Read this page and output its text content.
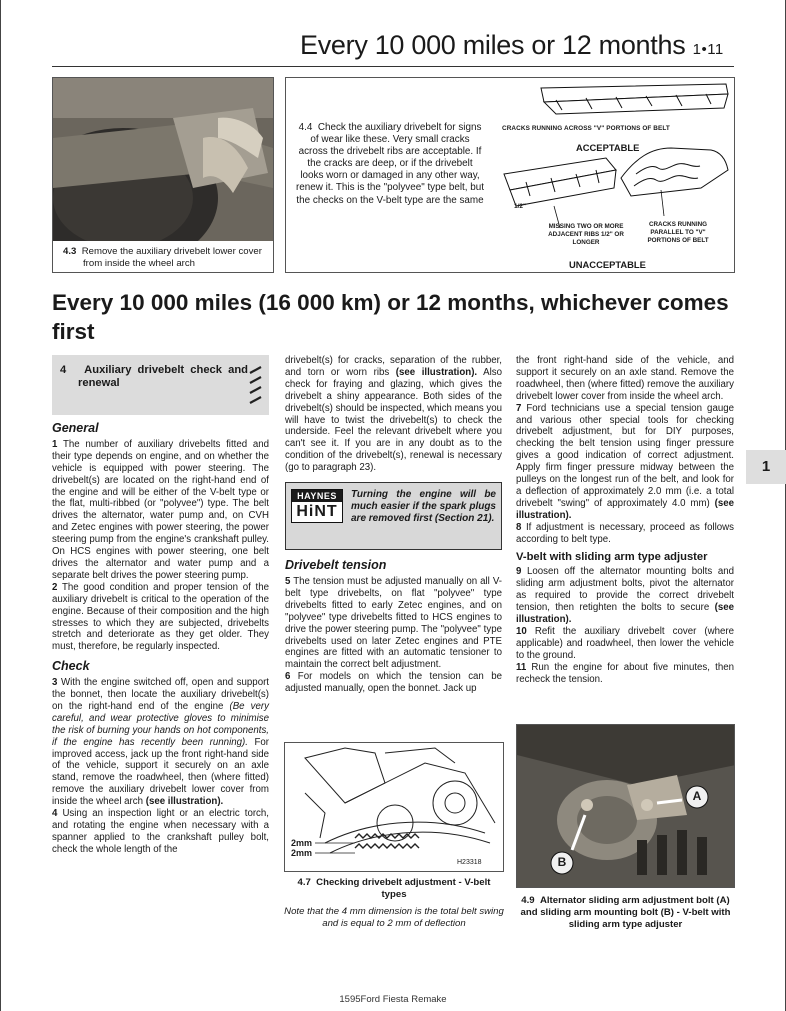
Every 10 000 miles or 12 months 1•11
4.3 Remove the auxiliary drivebelt lower cover from inside the wheel arch
4.4 Check the auxiliary drivebelt for signs of wear like these. Very small cracks across the drivebelt ribs are acceptable. If the cracks are deep, or if the drivebelt looks worn or damaged in any other way, renew it. This is the "polyvee" type belt, but the checks on the V-belt type are the same
CRACKS RUNNING ACROSS "V" PORTIONS OF BELT
ACCEPTABLE
1/2"
MISSING TWO OR MORE ADJACENT RIBS 1/2" OR LONGER
CRACKS RUNNING PARALLEL TO "V" PORTIONS OF BELT
UNACCEPTABLE
Every 10 000 miles (16 000 km) or 12 months, whichever comes first
1
4 Auxiliary drivebelt check and renewal
General

1 The number of auxiliary drivebelts fitted and their type depends on engine, and on whether the vehicle is equipped with power steering. The drivebelt(s) are located on the right-hand end of the engine and will be either of the V-belt type or the flat, multi-ribbed (or "polyvee") type. The belt drives the alternator, water pump and, on CVH and Zetec engines with power steering, the power steering pump from the engine's crankshaft pulley. On HCS engines with power steering, one belt drives the alternator and water pump and a separate belt drives the power steering pump.

2 The good condition and proper tension of the auxiliary drivebelt is critical to the operation of the engine. Because of their composition and the high stresses to which they are subjected, drivebelts stretch and deteriorate as they get older. They must, therefore, be regularly inspected.

Check

3 With the engine switched off, open and support the bonnet, then locate the auxiliary drivebelt(s) on the right-hand end of the engine (Be very careful, and wear protective gloves to minimise the risk of burning your hands on hot components, if the engine has recently been running). For improved access, jack up the front right-hand side of the vehicle, support it securely on an axle stand, remove the roadwheel, then (where fitted) remove the auxiliary drivebelt lower cover from inside the wheel arch (see illustration).

4 Using an inspection light or an electric torch, and rotating the engine when necessary with a spanner applied to the crankshaft pulley bolt, check the whole length of the

drivebelt(s) for cracks, separation of the rubber, and torn or worn ribs (see illustration). Also check for fraying and glazing, which gives the drivebelt a shiny appearance. Both sides of the drivebelt(s) should be inspected, which means you will have to twist the drivebelt(s) to check the underside. Feel the relevant drivebelt where you can't see it. If you are in any doubt as to the condition of the drivebelt(s), renewal is necessary (go to paragraph 23).

HAYNES
HiNT
Turning the engine will be much easier if the spark plugs are removed first (Section 21).
Drivebelt tension

5 The tension must be adjusted manually on all V-belt type drivebelts, on flat "polyvee" type drivebelts fitted to early Zetec engines, and on "polyvee" type drivebelts fitted to HCS engines to drive the power steering pump. The "polyvee" type drivebelts used on later Zetec engines and PTE engines are fitted with an automatic tensioner to maintain the correct belt adjustment.

6 For models on which the tension can be adjusted manually, open the bonnet. Jack up

2mm
2mm
H23318
4.7 Checking drivebelt adjustment - V-belt types
Note that the 4 mm dimension is the total belt swing and is equal to 2 mm of deflection

the front right-hand side of the vehicle, and support it securely on an axle stand. Remove the roadwheel, then (where fitted) remove the auxiliary drivebelt lower cover from inside the wheel arch.

7 Ford technicians use a special tension gauge and various other special tools for checking drivebelt adjustment, but for DIY purposes, checking the belt tension using finger pressure gives a good indication of correct adjustment. Apply firm finger pressure midway between the pulleys on the longest run of the belt, and look for a deflection of approximately 2.0 mm (i.e. a total drivebelt "swing" of approximately 4.0 mm) (see illustration).

8 If adjustment is necessary, proceed as follows according to belt type.

V-belt with sliding arm type adjuster

9 Loosen off the alternator mounting bolts and sliding arm adjustment bolts, pivot the alternator as required to provide the correct drivebelt tension, then retighten the bolts to secure (see illustration).

10 Refit the auxiliary drivebelt cover (where applicable) and roadwheel, then lower the vehicle to the ground.

11 Run the engine for about five minutes, then recheck the tension.

A
B
4.9 Alternator sliding arm adjustment bolt (A) and sliding arm mounting bolt (B) - V-belt with sliding arm type adjuster
1595Ford Fiesta Remake
